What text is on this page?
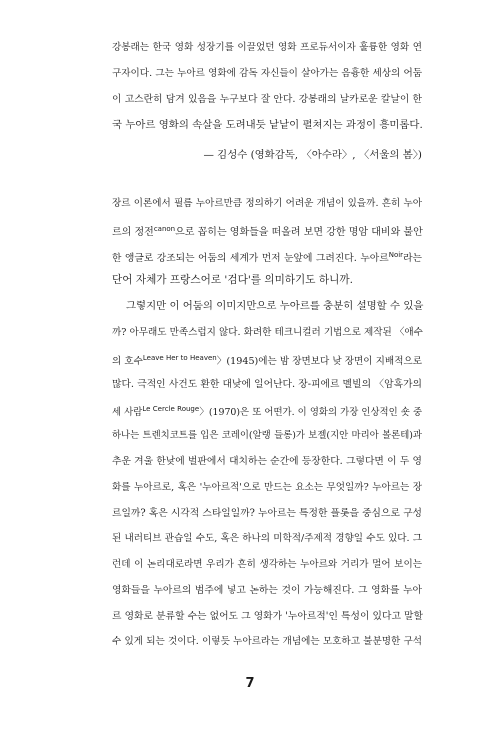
강봉래는 한국 영화 성장기를 이끌었던 영화 프로듀서이자 훌륭한 영화 연
구자이다. 그는 누아르 영화에 감독 자신들이 살아가는 음흉한 세상의 어둠
이 고스란히 담겨 있음을 누구보다 잘 안다. 강봉래의 날카로운 칼날이 한
국 누아르 영화의 속살을 도려내듯 낱낱이 펼쳐지는 과정이 흥미롭다.
— 김성수 (영화감독, 〈아수라〉, 〈서울의 봄〉)
장르 이론에서 필름 누아르만큼 정의하기 어려운 개념이 있을까. 흔히 누아
르의 정전$^{canon}$으로 꼽히는 영화들을 떠올려 보면 강한 명암 대비와 불안
한 앵글로 강조되는 어둠의 세계가 먼저 눈앞에 그려진다. 누아르$^{Noir}$라는
단어 자체가 프랑스어로 '검다'를 의미하기도 하니까.
그렇지만 이 어둠의 이미지만으로 누아르를 충분히 설명할 수 있을
까? 아무래도 만족스럽지 않다. 화려한 테크니컬러 기법으로 제작된 〈애수
의 호수$^{Leave Her to Heaven}$〉(1945)에는 밤 장면보다 낮 장면이 지배적으로
많다. 극적인 사건도 환한 대낮에 일어난다. 장-피에르 멜빌의 〈암흑가의
세 사람$^{Le Cercle Rouge}$〉(1970)은 또 어떤가. 이 영화의 가장 인상적인 숏 중
하나는 트렌치코트를 입은 코레이(알랭 들롱)가 보젤(지안 마리아 볼론테)과
추운 겨울 한낮에 벌판에서 대치하는 순간에 등장한다. 그렇다면 이 두 영
화를 누아르로, 혹은 '누아르적'으로 만드는 요소는 무엇일까? 누아르는 장
르일까? 혹은 시각적 스타일일까? 누아르는 특정한 플롯을 중심으로 구성
된 내러티브 관습일 수도, 혹은 하나의 미학적/주제적 경향일 수도 있다. 그
런데 이 논리대로라면 우리가 흔히 생각하는 누아르와 거리가 멀어 보이는
영화들을 누아르의 범주에 넣고 논하는 것이 가능해진다. 그 영화를 누아
르 영화로 분류할 수는 없어도 그 영화가 '누아르적'인 특성이 있다고 말할
수 있게 되는 것이다. 이렇듯 누아르라는 개념에는 모호하고 불분명한 구석
7
